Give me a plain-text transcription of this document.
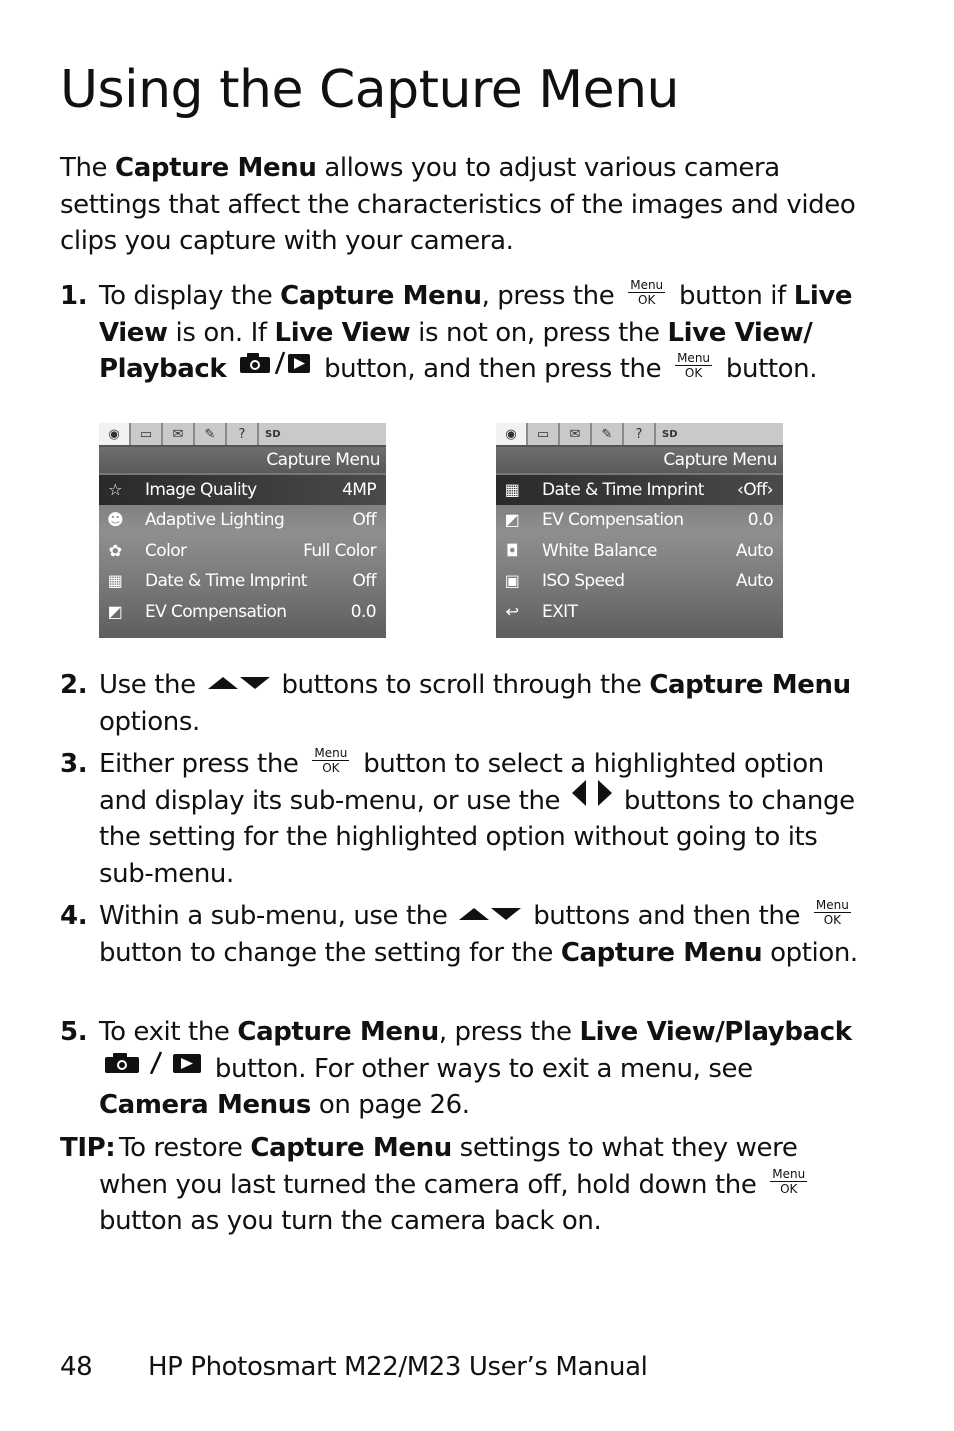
Using the Capture Menu

The Capture Menu allows you to adjust various camera settings that affect the characteristics of the images and video clips you capture with your camera.

1. To display the Capture Menu, press the Menu
OK button if Live View is on. If Live View is not on, press the Live View/ Playback	button, and then press the Menu
OK button.
◉	▭	✉	✎	?	SD
Capture Menu
☆ Image Quality	4MP
☻ Adaptive Lighting	Off
✿ Color	Full Color
▦ Date & Time Imprint	Off
◩ EV Compensation	0.0
◉	▭	✉	✎	?	SD
Capture Menu
▦ Date & Time Imprint ‹Off›
◩ EV Compensation	0.0
◘ White Balance	Auto
▣ ISO Speed	Auto
↩ EXIT
2. Use the	buttons to scroll through the Capture Menu options.
3. Either press the Menu
OK button to select a highlighted option and display its sub-menu, or use the  buttons to change the setting for the highlighted option without going to its sub-menu.
4. Within a sub-menu, use the	buttons and then the Menu
OK
button to change the setting for the Capture Menu option.
5. To exit the Capture Menu, press the Live View/Playback  button. For other ways to exit a menu, see Camera Menus on page 26.
TIP: To restore Capture Menu settings to what they were when you last turned the camera off, hold down the Menu
OK
button as you turn the camera back on.
48 HP Photosmart M22/M23 User’s Manual
